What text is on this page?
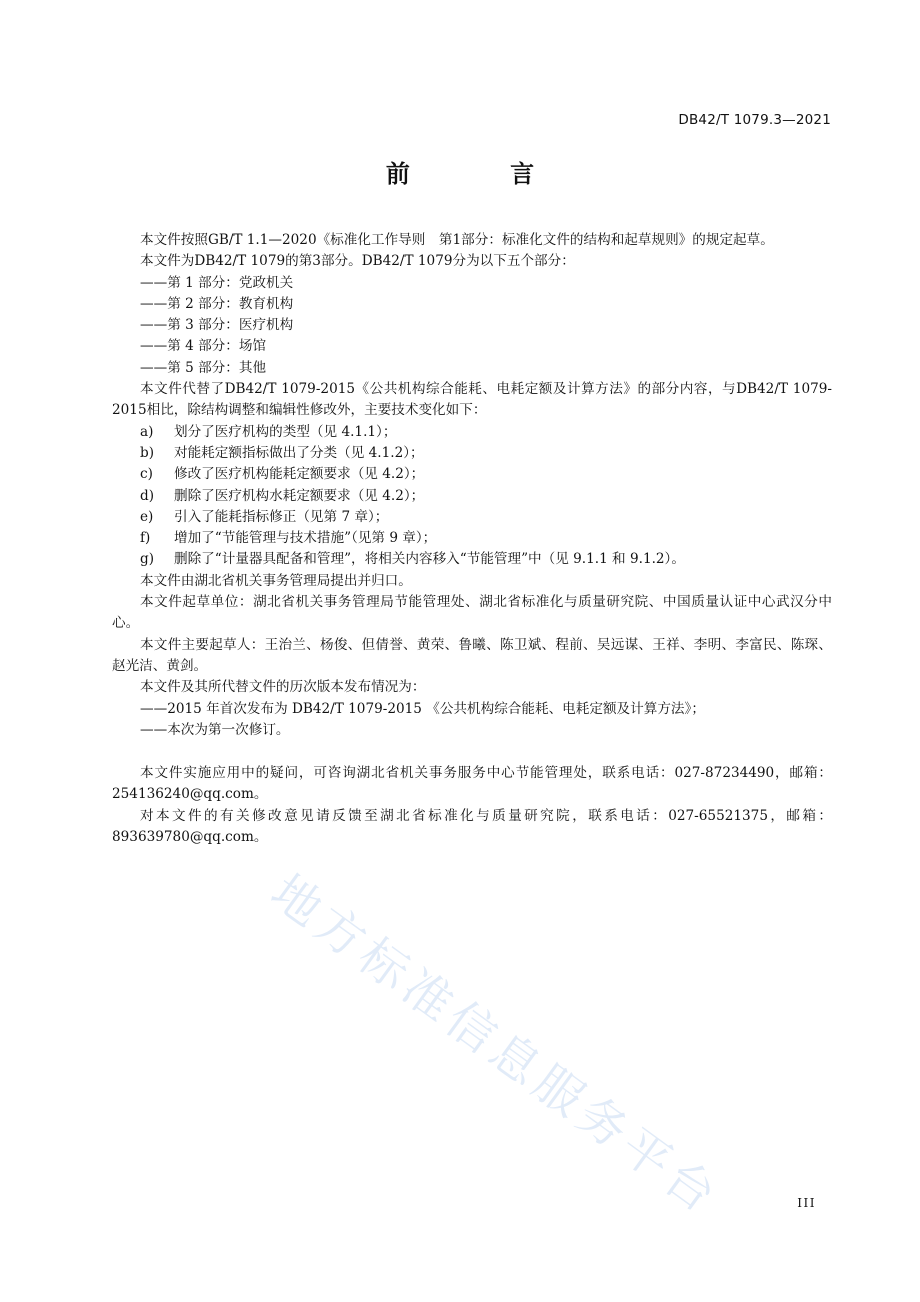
DB42/T 1079.3—2021
前 言

本文件按照GB/T 1.1—2020《标准化工作导则　第1部分：标准化文件的结构和起草规则》的规定起草。

本文件为DB42/T 1079的第3部分。DB42/T 1079分为以下五个部分：

——第 1 部分：党政机关

——第 2 部分：教育机构

——第 3 部分：医疗机构

——第 4 部分：场馆

——第 5 部分：其他

本文件代替了DB42/T 1079-2015《公共机构综合能耗、电耗定额及计算方法》的部分内容，与DB42/T 1079-2015相比，除结构调整和编辑性修改外，主要技术变化如下：

a) 划分了医疗机构的类型（见 4.1.1）；

b) 对能耗定额指标做出了分类（见 4.1.2）；

c) 修改了医疗机构能耗定额要求（见 4.2）；

d) 删除了医疗机构水耗定额要求（见 4.2）；

e) 引入了能耗指标修正（见第 7 章）；

f) 增加了“节能管理与技术措施”（见第 9 章）；

g) 删除了“计量器具配备和管理”，将相关内容移入“节能管理”中（见 9.1.1 和 9.1.2）。

本文件由湖北省机关事务管理局提出并归口。

本文件起草单位：湖北省机关事务管理局节能管理处、湖北省标准化与质量研究院、中国质量认证中心武汉分中心。

本文件主要起草人：王治兰、杨俊、但倩誉、黄荣、鲁曦、陈卫斌、程前、吴远谋、王祥、李明、李富民、陈琛、赵光洁、黄剑。

本文件及其所代替文件的历次版本发布情况为：

——2015 年首次发布为 DB42/T 1079-2015 《公共机构综合能耗、电耗定额及计算方法》；

——本次为第一次修订。

本文件实施应用中的疑问，可咨询湖北省机关事务服务中心节能管理处，联系电话：027-87234490，邮箱：254136240@qq.com。

对本文件的有关修改意见请反馈至湖北省标准化与质量研究院，联系电话：027-65521375，邮箱：893639780@qq.com。

地方标准信息服务平台	III
